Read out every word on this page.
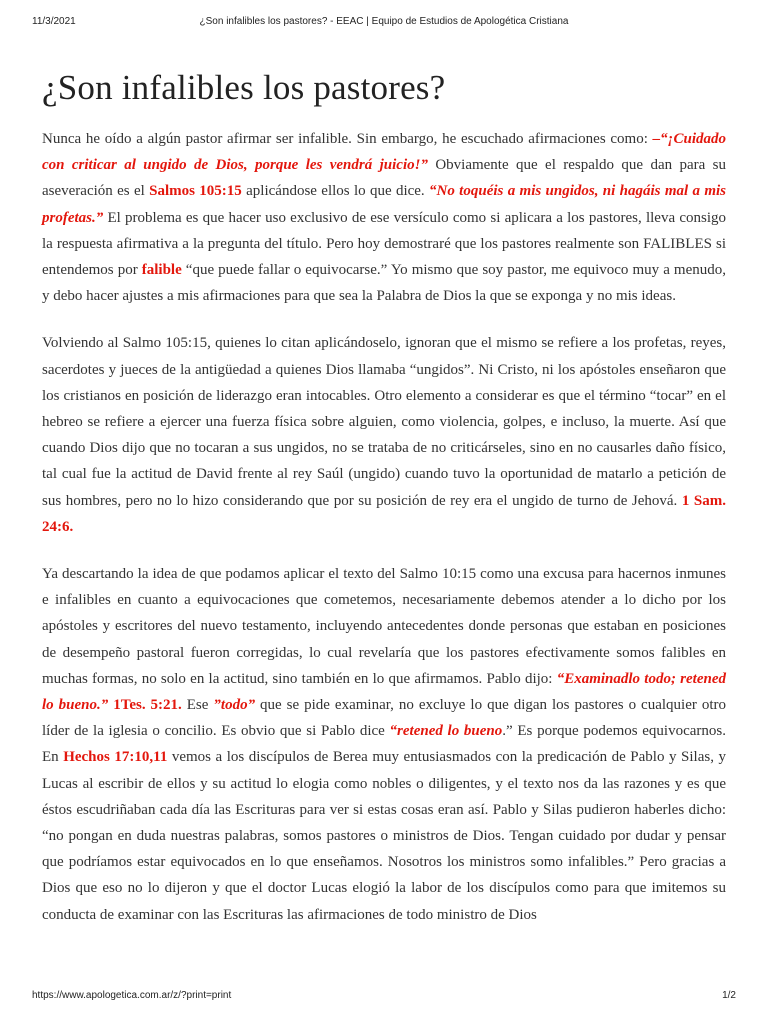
11/3/2021	¿Son infalibles los pastores? - EEAC | Equipo de Estudios de Apologética Cristiana
¿Son infalibles los pastores?

Nunca he oído a algún pastor afirmar ser infalible. Sin embargo, he escuchado afirmaciones como: –“¡Cuidado con criticar al ungido de Dios, porque les vendrá juicio!” Obviamente que el respaldo que dan para su aseveración es el Salmos 105:15 aplicándose ellos lo que dice. “No toquéis a mis ungidos, ni hagáis mal a mis profetas.” El problema es que hacer uso exclusivo de ese versículo como si aplicara a los pastores, lleva consigo la respuesta afirmativa a la pregunta del título. Pero hoy demostraré que los pastores realmente son FALIBLES si entendemos por falible “que puede fallar o equivocarse.” Yo mismo que soy pastor, me equivoco muy a menudo, y debo hacer ajustes a mis afirmaciones para que sea la Palabra de Dios la que se exponga y no mis ideas.

Volviendo al Salmo 105:15, quienes lo citan aplicándoselo, ignoran que el mismo se refiere a los profetas, reyes, sacerdotes y jueces de la antigüedad a quienes Dios llamaba “ungidos”. Ni Cristo, ni los apóstoles enseñaron que los cristianos en posición de liderazgo eran intocables. Otro elemento a considerar es que el término “tocar” en el hebreo se refiere a ejercer una fuerza física sobre alguien, como violencia, golpes, e incluso, la muerte. Así que cuando Dios dijo que no tocaran a sus ungidos, no se trataba de no criticárseles, sino en no causarles daño físico, tal cual fue la actitud de David frente al rey Saúl (ungido) cuando tuvo la oportunidad de matarlo a petición de sus hombres, pero no lo hizo considerando que por su posición de rey era el ungido de turno de Jehová. 1 Sam. 24:6.

Ya descartando la idea de que podamos aplicar el texto del Salmo 10:15 como una excusa para hacernos inmunes e infalibles en cuanto a equivocaciones que cometemos, necesariamente debemos atender a lo dicho por los apóstoles y escritores del nuevo testamento, incluyendo antecedentes donde personas que estaban en posiciones de desempeño pastoral fueron corregidas, lo cual revelaría que los pastores efectivamente somos falibles en muchas formas, no solo en la actitud, sino también en lo que afirmamos. Pablo dijo: “Examinadlo todo; retened lo bueno.” 1Tes. 5:21. Ese ”todo” que se pide examinar, no excluye lo que digan los pastores o cualquier otro líder de la iglesia o concilio. Es obvio que si Pablo dice “retened lo bueno.” Es porque podemos equivocarnos. En Hechos 17:10,11 vemos a los discípulos de Berea muy entusiasmados con la predicación de Pablo y Silas, y Lucas al escribir de ellos y su actitud lo elogia como nobles o diligentes, y el texto nos da las razones y es que éstos escudriñaban cada día las Escrituras para ver si estas cosas eran así. Pablo y Silas pudieron haberles dicho: “no pongan en duda nuestras palabras, somos pastores o ministros de Dios. Tengan cuidado por dudar y pensar que podríamos estar equivocados en lo que enseñamos. Nosotros los ministros somo infalibles.” Pero gracias a Dios que eso no lo dijeron y que el doctor Lucas elogió la labor de los discípulos como para que imitemos su conducta de examinar con las Escrituras las afirmaciones de todo ministro de Dios

https://www.apologetica.com.ar/z/?print=print	1/2
